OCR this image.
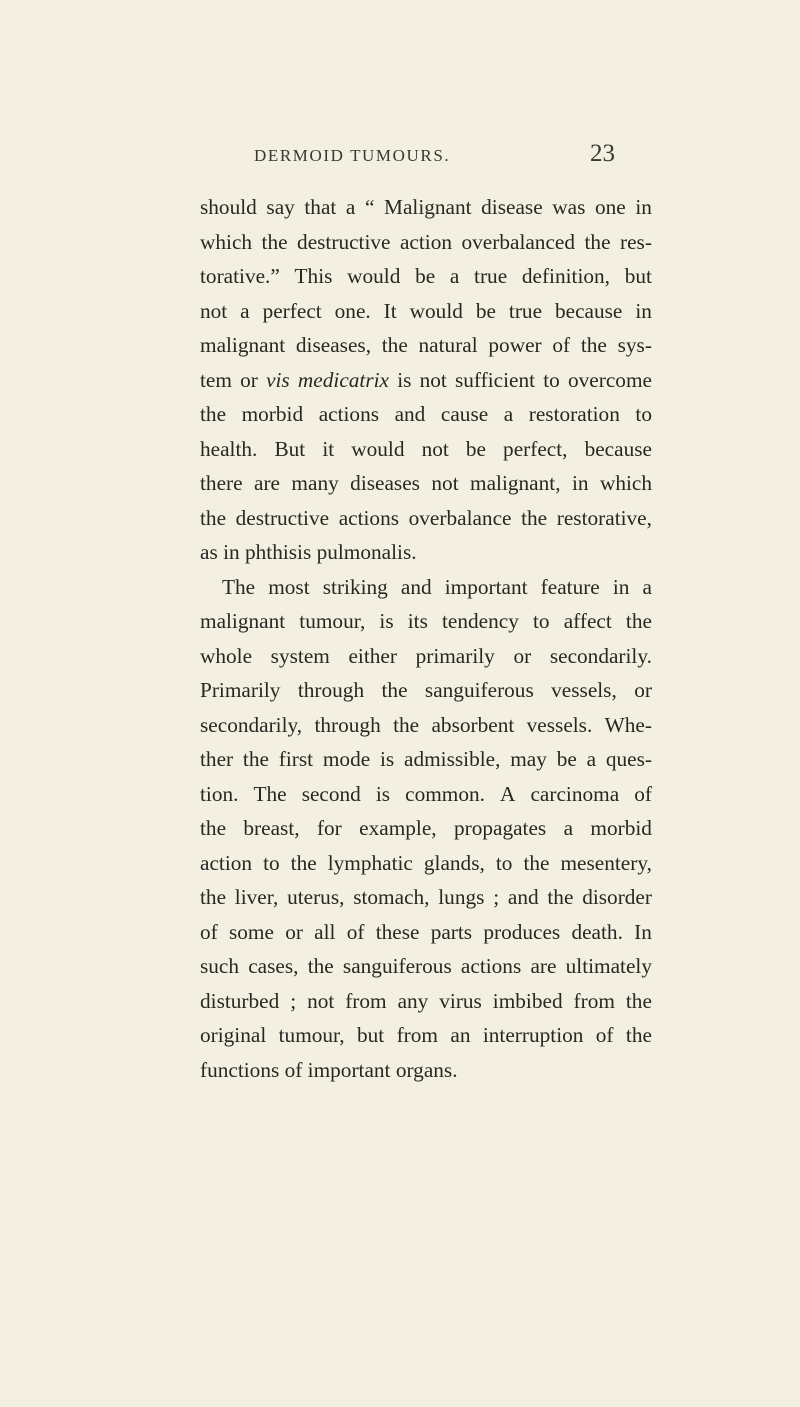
DERMOID TUMOURS.	23
should say that a “ Malignant disease was one in
which the destructive action overbalanced the res-
torative.” This would be a true definition, but
not a perfect one. It would be true because in
malignant diseases, the natural power of the sys-
tem or vis medicatrix is not sufficient to overcome
the morbid actions and cause a restoration to
health. But it would not be perfect, because
there are many diseases not malignant, in which
the destructive actions overbalance the restorative,
as
in
phthisis
pulmonalis.
The most striking and important feature in a
malignant tumour, is its tendency to affect the
whole system either primarily or secondarily.
Primarily through the sanguiferous vessels, or
secondarily, through the absorbent vessels. Whe-
ther the first mode is admissible, may be a ques-
tion. The second is common. A carcinoma of
the breast, for example, propagates a morbid
action to the lymphatic glands, to the mesentery,
the liver, uterus, stomach, lungs ; and the disorder
of some or all of these parts produces death. In
such cases, the sanguiferous actions are ultimately
disturbed ; not from any virus imbibed from the
original tumour, but from an interruption of the
functions
of
important
organs.
